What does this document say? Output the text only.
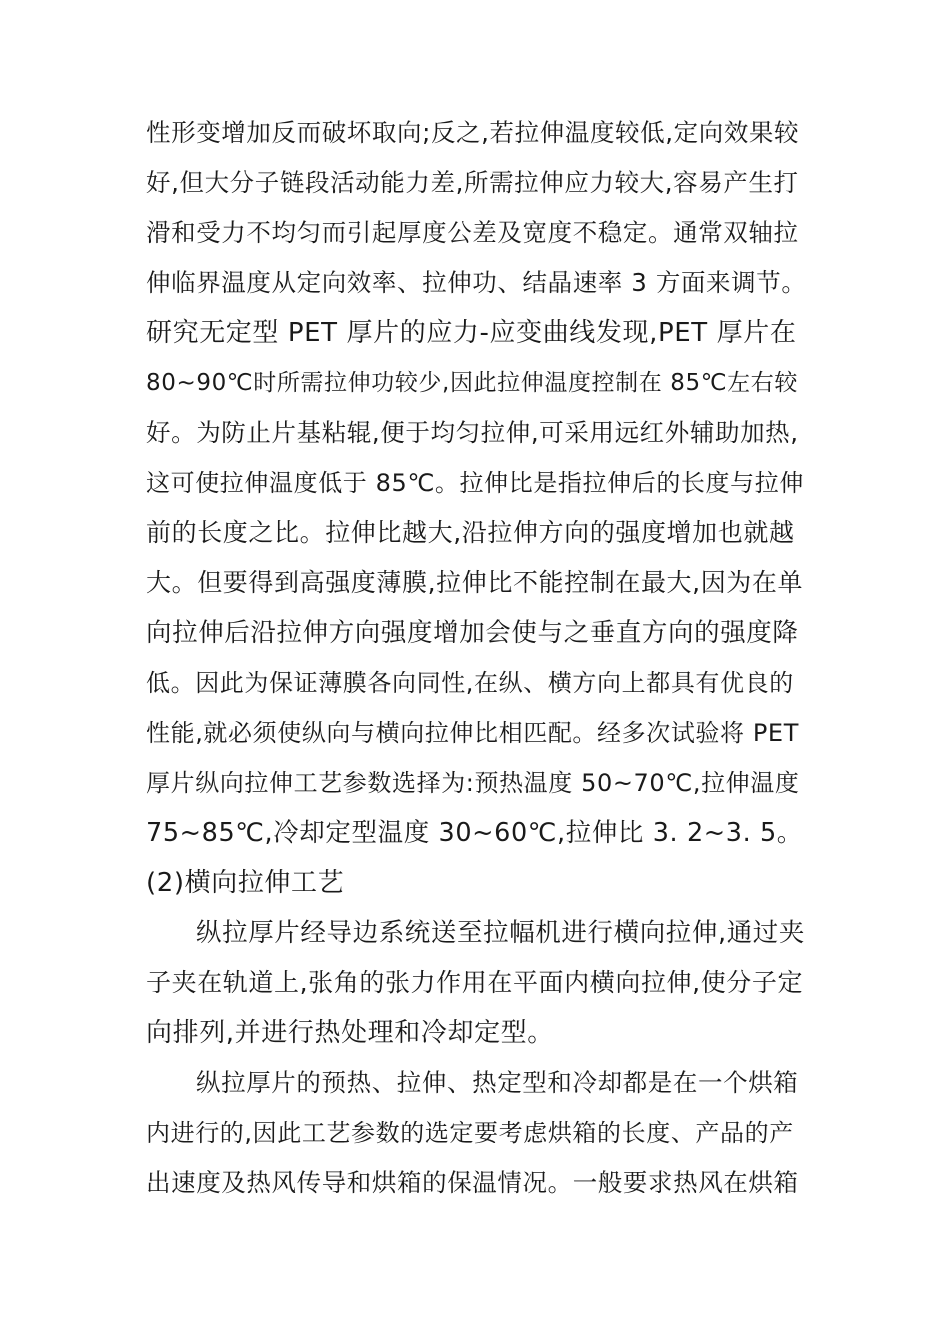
性形变增加反而破坏取向;反之,若拉伸温度较低,定向效果较
好,但大分子链段活动能力差,所需拉伸应力较大,容易产生打
滑和受力不均匀而引起厚度公差及宽度不稳定。通常双轴拉
伸临界温度从定向效率、拉伸功、结晶速率 3 方面来调节。
研究无定型 PET 厚片的应力-应变曲线发现,PET 厚片在
80~90℃时所需拉伸功较少,因此拉伸温度控制在 85℃左右较
好。为防止片基粘辊,便于均匀拉伸,可采用远红外辅助加热,
这可使拉伸温度低于 85℃。拉伸比是指拉伸后的长度与拉伸
前的长度之比。拉伸比越大,沿拉伸方向的强度增加也就越
大。但要得到高强度薄膜,拉伸比不能控制在最大,因为在单
向拉伸后沿拉伸方向强度增加会使与之垂直方向的强度降
低。因此为保证薄膜各向同性,在纵、横方向上都具有优良的
性能,就必须使纵向与横向拉伸比相匹配。经多次试验将 PET
厚片纵向拉伸工艺参数选择为:预热温度 50~70℃,拉伸温度
75~85℃,冷却定型温度 30~60℃,拉伸比 3. 2~3. 5。
(2)横向拉伸工艺
纵拉厚片经导边系统送至拉幅机进行横向拉伸,通过夹
子夹在轨道上,张角的张力作用在平面内横向拉伸,使分子定
向排列,并进行热处理和冷却定型。
纵拉厚片的预热、拉伸、热定型和冷却都是在一个烘箱
内进行的,因此工艺参数的选定要考虑烘箱的长度、产品的产
出速度及热风传导和烘箱的保温情况。一般要求热风在烘箱
